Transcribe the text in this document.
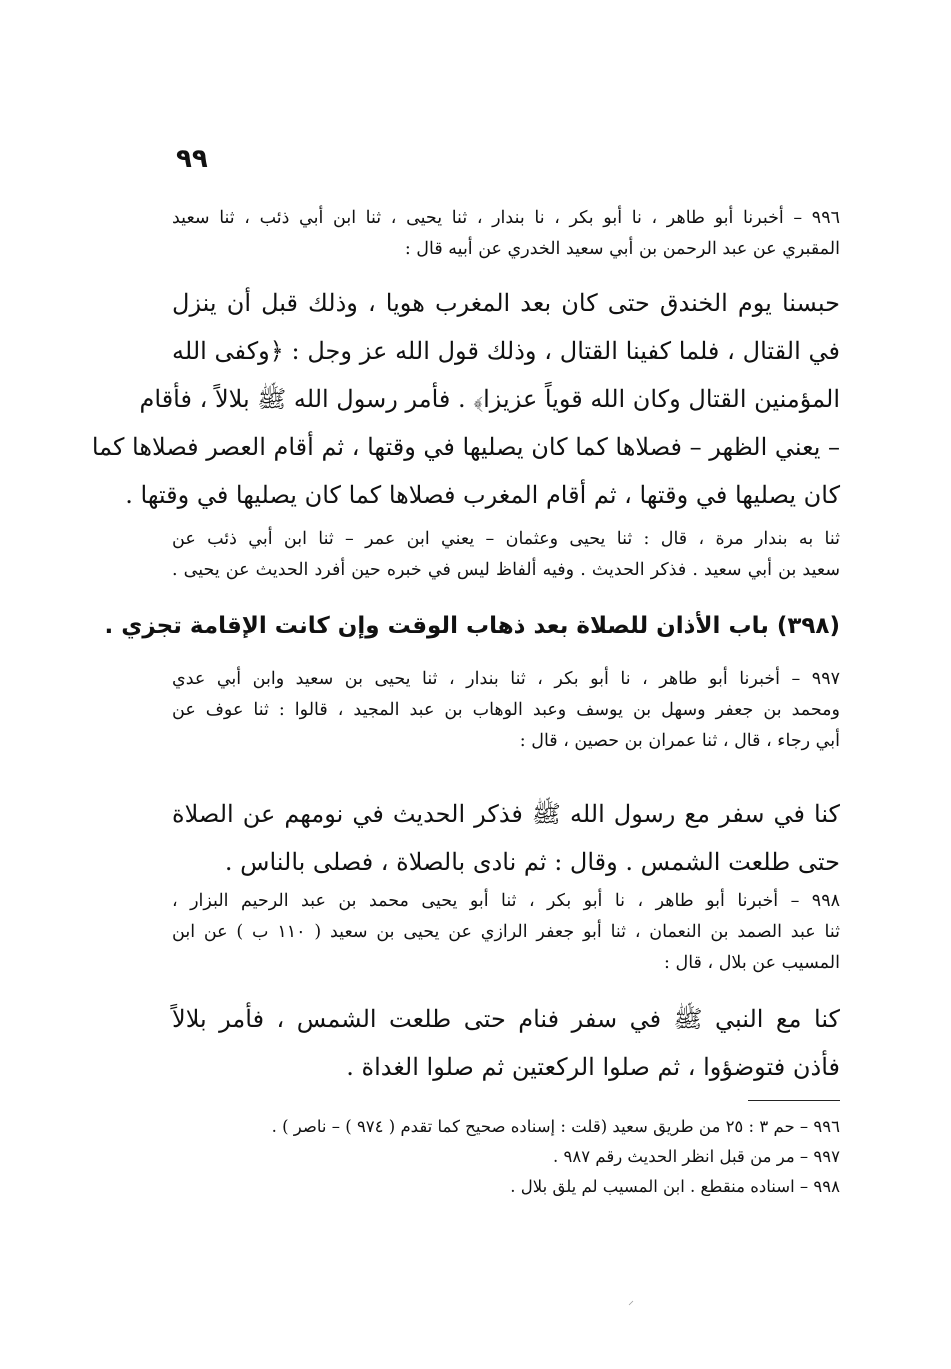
٩٩
٩٩٦ – أخبرنا أبو طاهر ، نا أبو بكر ، نا بندار ، ثنا يحيى ، ثنا ابن أبي ذئب ، ثنا سعيد
المقبري عن عبد الرحمن بن أبي سعيد الخدري عن أبيه قال :
حبسنا يوم الخندق حتى كان بعد المغرب هويا ، وذلك قبل أن ينزل
في القتال ، فلما كفينا القتال ، وذلك قول الله عز وجل : ﴿وكفى الله
المؤمنين القتال وكان الله قوياً عزيزا﴾ . فأمر رسول الله ﷺ بلالاً ، فأقام
– يعني الظهر – فصلاها كما كان يصليها في وقتها ، ثم أقام العصر فصلاها كما
كان يصليها في وقتها ، ثم أقام المغرب فصلاها كما كان يصليها في وقتها .
ثنا به بندار مرة ، قال : ثنا يحيى وعثمان – يعني ابن عمر – ثنا ابن أبي ذئب عن
سعيد بن أبي سعيد . فذكر الحديث . وفيه ألفاظ ليس في خبره حين أفرد الحديث عن يحيى .
(٣٩٨) باب الأذان للصلاة بعد ذهاب الوقت وإن كانت الإقامة تجزي .
٩٩٧ – أخبرنا أبو طاهر ، نا أبو بكر ، ثنا بندار ، ثنا يحيى بن سعيد وابن أبي عدي
ومحمد بن جعفر وسهل بن يوسف وعبد الوهاب بن عبد المجيد ، قالوا : ثنا عوف عن
أبي رجاء ، قال ، ثنا عمران بن حصين ، قال :
كنا في سفر مع رسول الله ﷺ فذكر الحديث في نومهم عن الصلاة
حتى طلعت الشمس . وقال : ثم نادى بالصلاة ، فصلى بالناس .
٩٩٨ – أخبرنا أبو طاهر ، نا أبو بكر ، ثنا أبو يحيى محمد بن عبد الرحيم البزار ،
ثنا عبد الصمد بن النعمان ، ثنا أبو جعفر الرازي عن يحيى بن سعيد ( ١١٠ ب ) عن ابن
المسيب عن بلال ، قال :
كنا مع النبي ﷺ في سفر فنام حتى طلعت الشمس ، فأمر بلالاً
فأذن فتوضؤوا ، ثم صلوا الركعتين ثم صلوا الغداة .
٩٩٦ – حم ٣ : ٢٥ من طريق سعيد (قلت : إسناده صحيح كما تقدم ( ٩٧٤ ) – ناصر ) .
٩٩٧ – مر من قبل انظر الحديث رقم ٩٨٧ .
٩٩٨ – اسناده منقطع . ابن المسيب لم يلق بلال .
